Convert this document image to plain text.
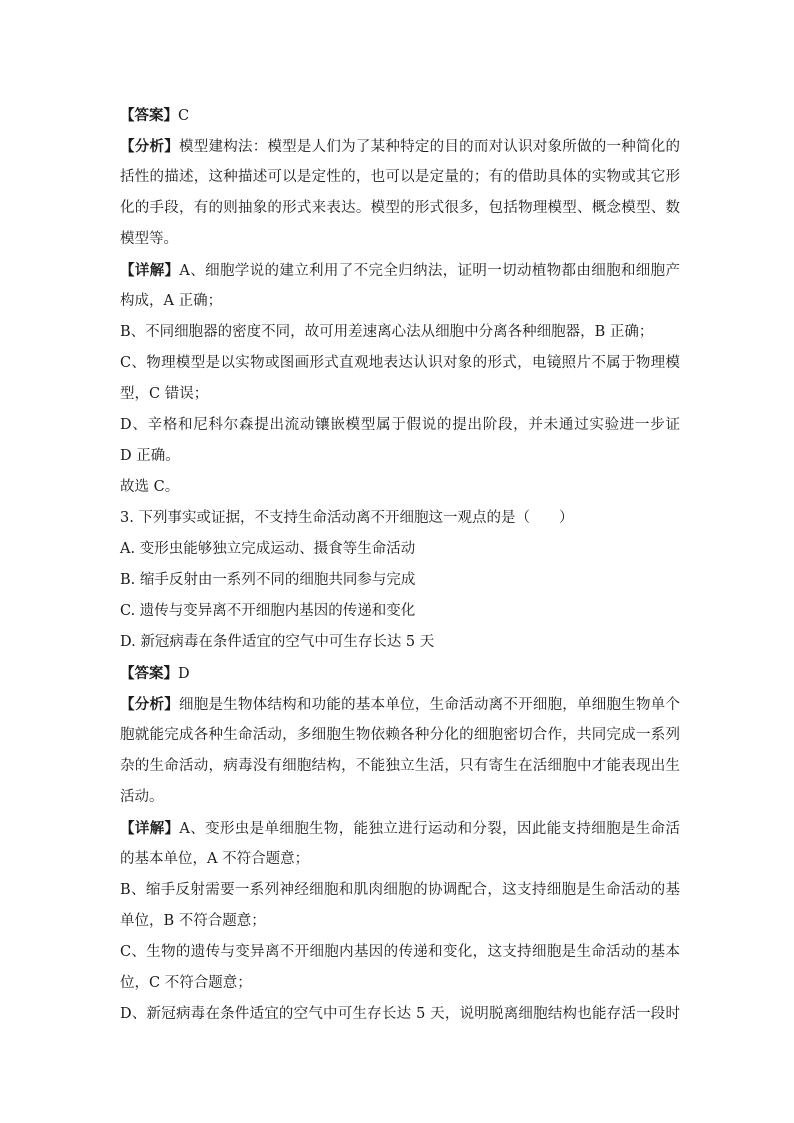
【答案】C
【分析】模型建构法：模型是人们为了某种特定的目的而对认识对象所做的一种简化的
括性的描述，这种描述可以是定性的，也可以是定量的；有的借助具体的实物或其它形
化的手段，有的则抽象的形式来表达。模型的形式很多，包括物理模型、概念模型、数
模型等。
【详解】A、细胞学说的建立利用了不完全归纳法，证明一切动植物都由细胞和细胞产
构成，A 正确；
B、不同细胞器的密度不同，故可用差速离心法从细胞中分离各种细胞器，B 正确；
C、物理模型是以实物或图画形式直观地表达认识对象的形式，电镜照片不属于物理模
型，C 错误；
D、辛格和尼科尔森提出流动镶嵌模型属于假说的提出阶段，并未通过实验进一步证
D 正确。
故选 C。
3. 下列事实或证据，不支持生命活动离不开细胞这一观点的是（　　）
A. 变形虫能够独立完成运动、摄食等生命活动
B. 缩手反射由一系列不同的细胞共同参与完成
C. 遗传与变异离不开细胞内基因的传递和变化
D. 新冠病毒在条件适宜的空气中可生存长达 5 天
【答案】D
【分析】细胞是生物体结构和功能的基本单位，生命活动离不开细胞，单细胞生物单个
胞就能完成各种生命活动，多细胞生物依赖各种分化的细胞密切合作，共同完成一系列
杂的生命活动，病毒没有细胞结构，不能独立生活，只有寄生在活细胞中才能表现出生
活动。
【详解】A、变形虫是单细胞生物，能独立进行运动和分裂，因此能支持细胞是生命活
的基本单位，A 不符合题意；
B、缩手反射需要一系列神经细胞和肌肉细胞的协调配合，这支持细胞是生命活动的基
单位，B 不符合题意；
C、生物的遗传与变异离不开细胞内基因的传递和变化，这支持细胞是生命活动的基本
位，C 不符合题意；
D、新冠病毒在条件适宜的空气中可生存长达 5 天，说明脱离细胞结构也能存活一段时
